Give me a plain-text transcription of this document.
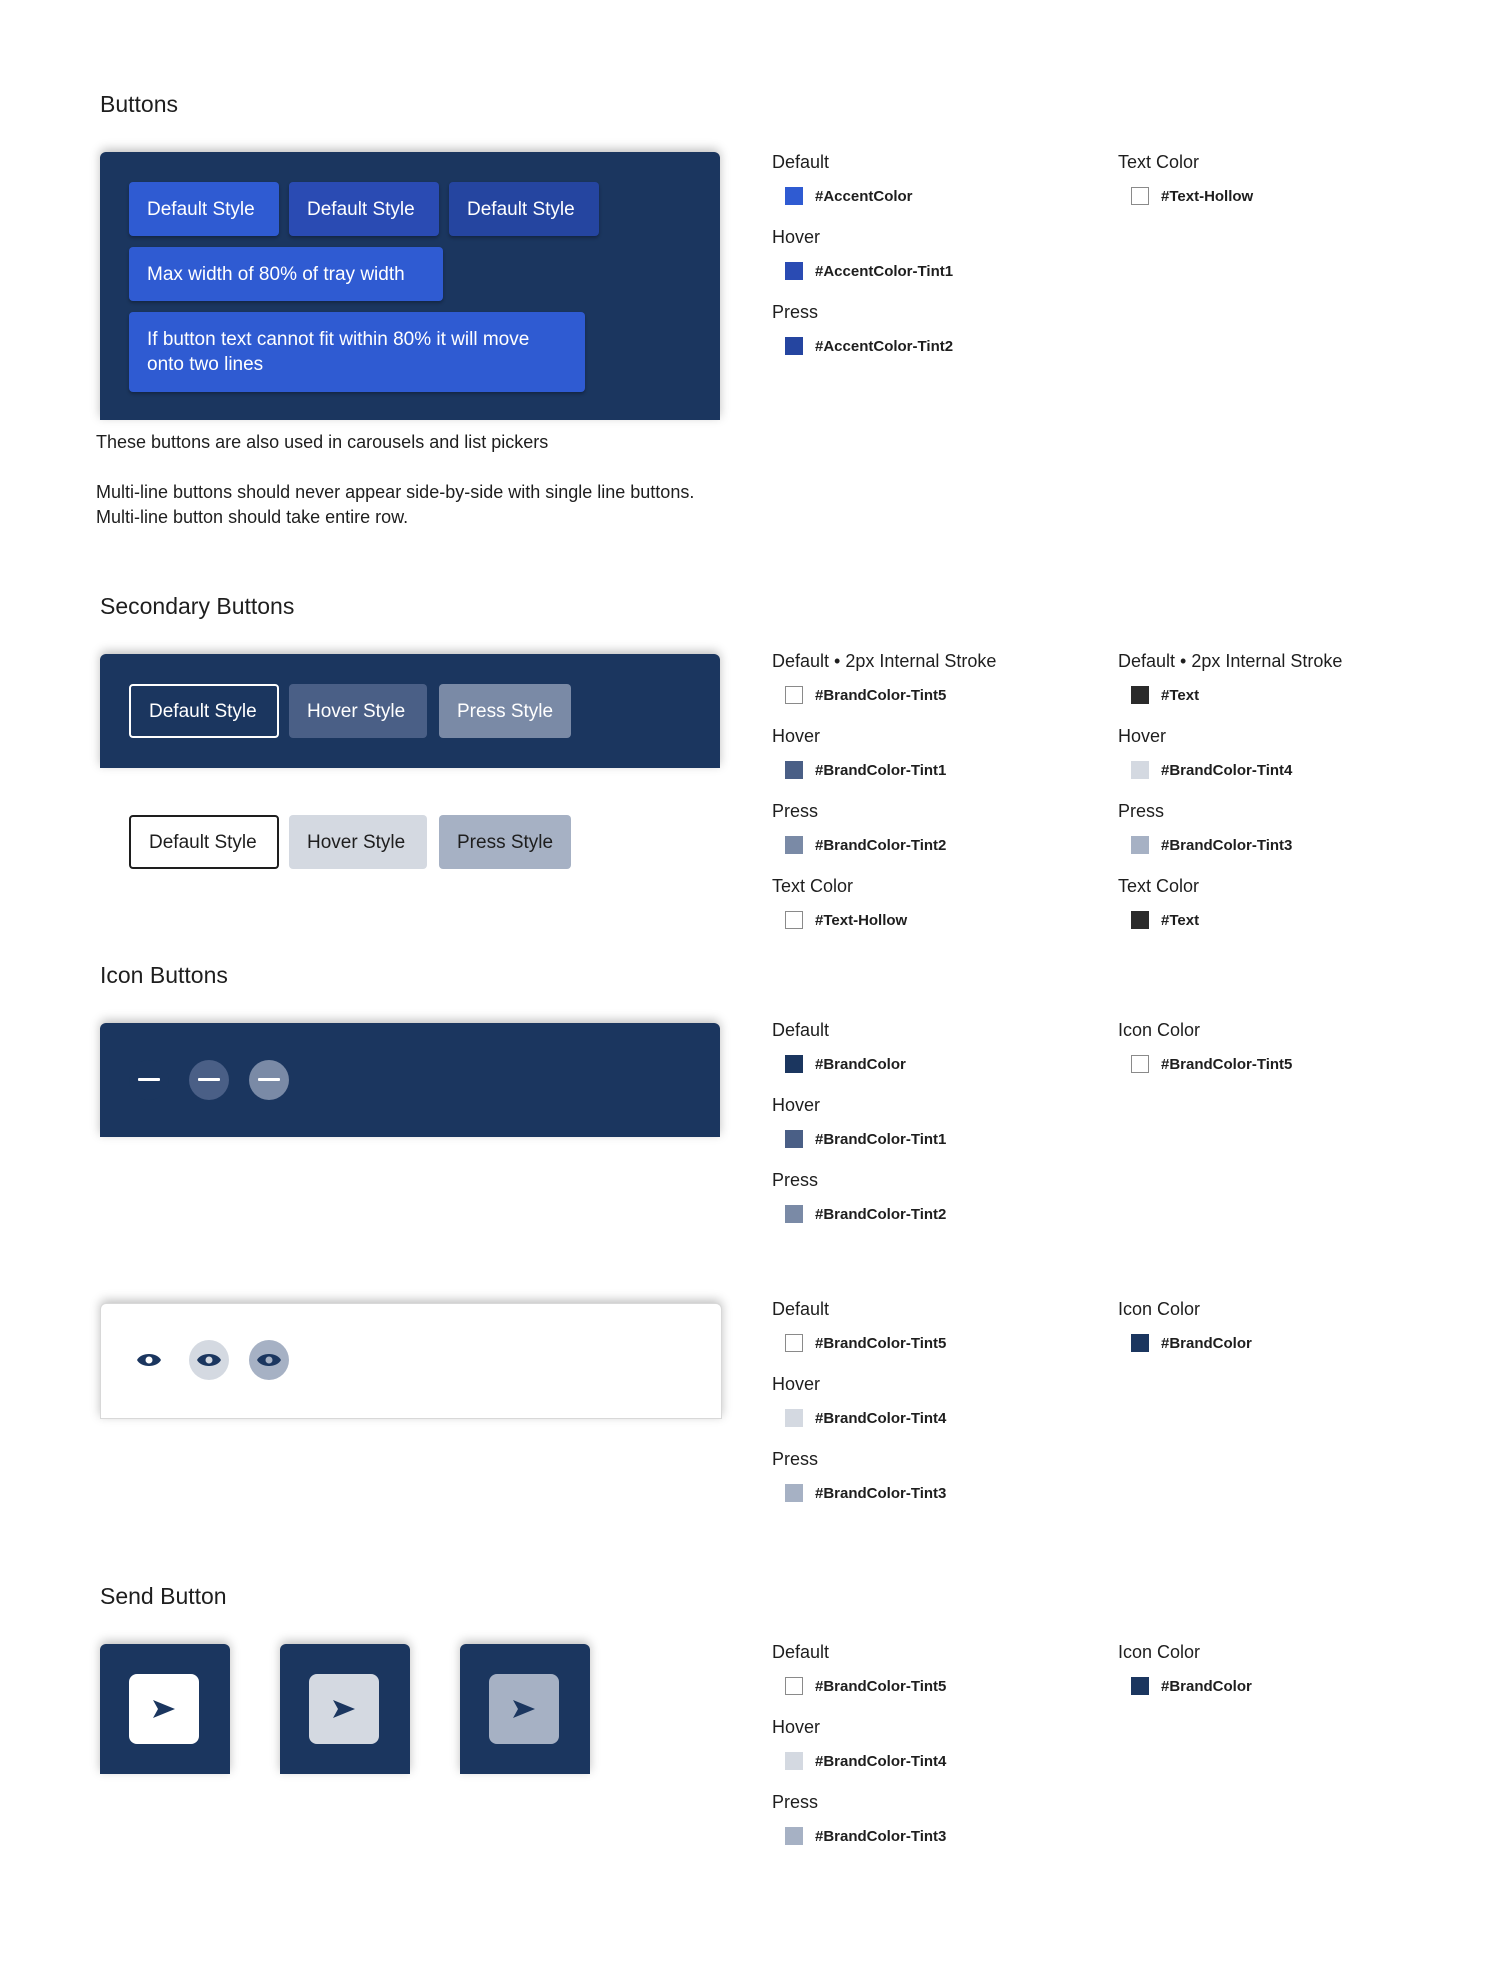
Buttons
Default Style	Default Style	Default Style
Max width of 80% of tray width
If button text cannot fit within 80% it will move onto two lines
These buttons are also used in carousels and list pickers
Multi-line buttons should never appear side-by-side with single line buttons. Multi-line button should take entire row.
Default
#AccentColor
Hover
#AccentColor-Tint1
Press
#AccentColor-Tint2
Text Color
#Text-Hollow
Secondary Buttons
Default Style	Hover Style	Press Style
Default Style	Hover Style	Press Style
Default • 2px Internal Stroke
#BrandColor-Tint5
Hover
#BrandColor-Tint1
Press
#BrandColor-Tint2
Text Color
#Text-Hollow
Default • 2px Internal Stroke
#Text
Hover
#BrandColor-Tint4
Press
#BrandColor-Tint3
Text Color
#Text
Icon Buttons
Default
#BrandColor
Hover
#BrandColor-Tint1
Press
#BrandColor-Tint2
Icon Color
#BrandColor-Tint5
Default
#BrandColor-Tint5
Hover
#BrandColor-Tint4
Press
#BrandColor-Tint3
Icon Color
#BrandColor
Send Button
Default
#BrandColor-Tint5
Hover
#BrandColor-Tint4
Press
#BrandColor-Tint3
Icon Color
#BrandColor
